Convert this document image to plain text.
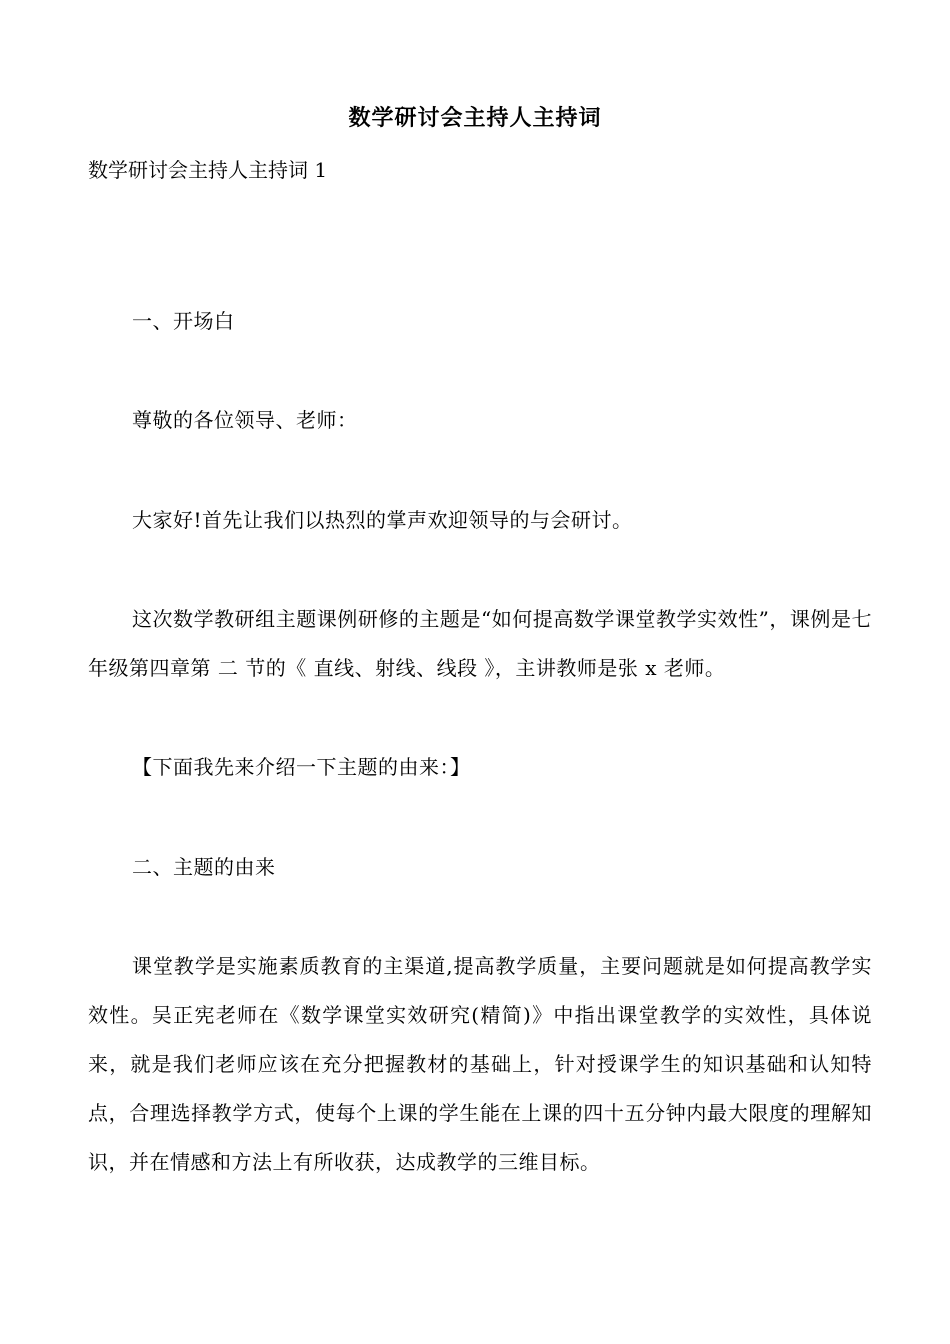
数学研讨会主持人主持词
数学研讨会主持人主持词 1
一、开场白
尊敬的各位领导、老师：
大家好!首先让我们以热烈的掌声欢迎领导的与会研讨。
这次数学教研组主题课例研修的主题是“如何提高数学课堂教学实效性”，课例是七年级第四章第 二 节的《 直线、射线、线段 》，主讲教师是张 x 老师。
【下面我先来介绍一下主题的由来：】
二、主题的由来
课堂教学是实施素质教育的主渠道,提高教学质量，主要问题就是如何提高教学实效性。吴正宪老师在《数学课堂实效研究(精简)》中指出课堂教学的实效性，具体说来，就是我们老师应该在充分把握教材的基础上，针对授课学生的知识基础和认知特点，合理选择教学方式，使每个上课的学生能在上课的四十五分钟内最大限度的理解知识，并在情感和方法上有所收获，达成教学的三维目标。
